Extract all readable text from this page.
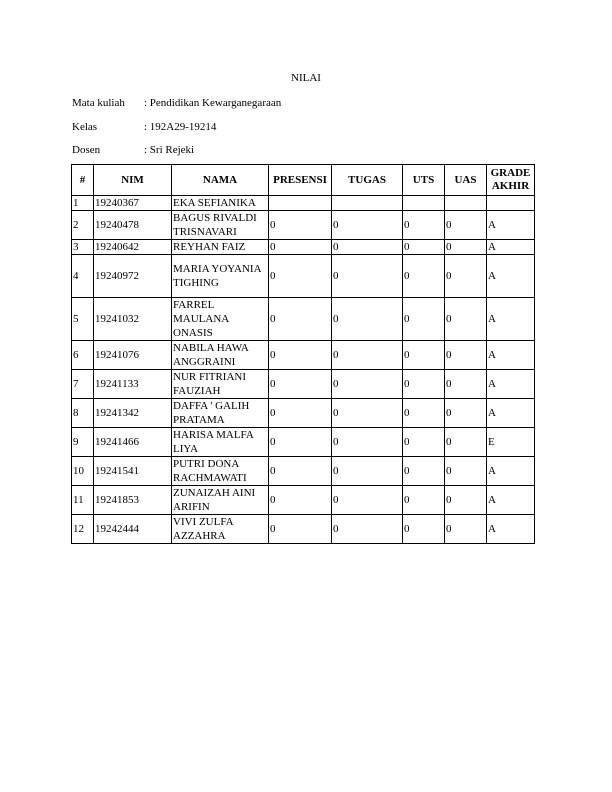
NILAI
Mata kuliah : Pendidikan Kewarganegaraan
Kelas	: 192A29-19214
Dosen	: Sri Rejeki
#	NIM	NAMA	PRESENSI	TUGAS	UTS	UAS	GRADE AKHIR
1	19240367	EKA SEFIANIKA					
2	19240478	BAGUS RIVALDI TRISNAVARI	0	0	0	0	A
3	19240642	REYHAN FAIZ	0	0	0	0	A
4	19240972	MARIA YOYANIA TIGHING	0	0	0	0	A
5	19241032	FARREL MAULANA ONASIS	0	0	0	0	A
6	19241076	NABILA HAWA ANGGRAINI	0	0	0	0	A
7	19241133	NUR FITRIANI FAUZIAH	0	0	0	0	A
8	19241342	DAFFA ' GALIH PRATAMA	0	0	0	0	A
9	19241466	HARISA MALFA LIYA	0	0	0	0	E
10	19241541	PUTRI DONA RACHMAWATI	0	0	0	0	A
11	19241853	ZUNAIZAH AINI ARIFIN	0	0	0	0	A
12	19242444	VIVI ZULFA AZZAHRA	0	0	0	0	A
